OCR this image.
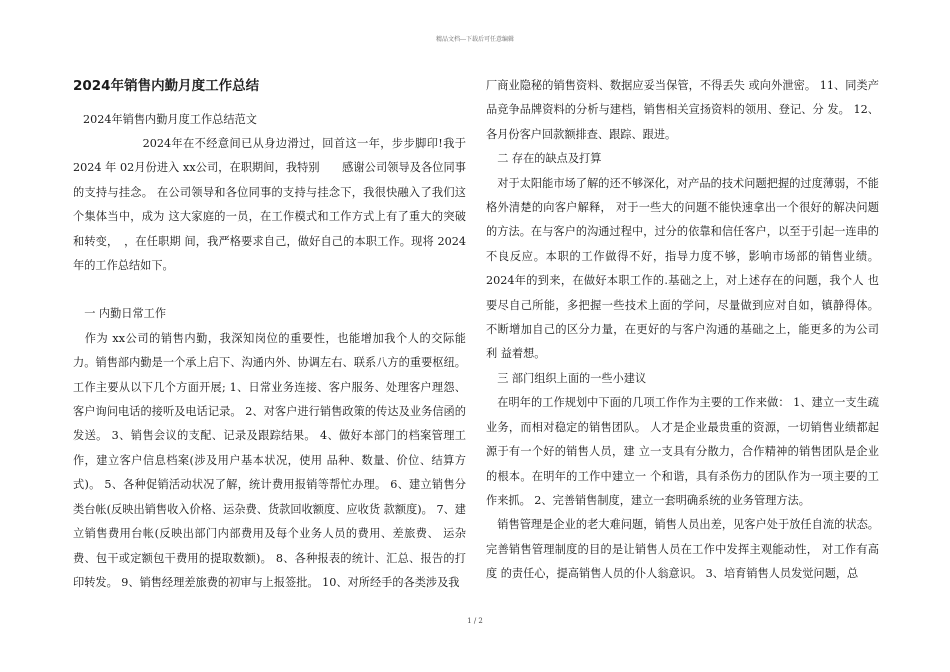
精品文档---下载后可任意编辑
2024年销售内勤月度工作总结

2024年销售内勤月度工作总结范文

　　　　　　2024年在不经意间已从身边滑过，回首这一年，步步脚印!我于 2024 年 02月份进入 xx公司，在职期间，我特别　　感谢公司领导及各位同事的支持与挂念。 在公司领导和各位同事的支持与挂念下，我很快融入了我们这个集体当中，成为 这大家庭的一员，在工作模式和工作方式上有了重大的突破和转变，　，在任职期 间，我严格要求自己，做好自己的本职工作。现将 2024年的工作总结如下。

　一 内勤日常工作

　作为 xx公司的销售内勤，我深知岗位的重要性，也能增加我个人的交际能力。销售部内勤是一个承上启下、沟通内外、协调左右、联系八方的重要枢纽。工作主要从以下几个方面开展; 1、日常业务连接、客户服务、处理客户理怨、客户询问电话的接听及电话记录。 2、对客户进行销售政策的传达及业务信函的发送。 3、销售会议的支配、记录及跟踪结果。 4、做好本部门的档案管理工作，建立客户信息档案(涉及用户基本状况，使用 品种、数量、价位、结算方式)。 5、各种促销活动状况了解，统计费用报销等帮忙办理。 6、建立销售分类台帐(反映出销售收入价格、运杂费、货款回收额度、应收货 款额度)。 7、建立销售费用台帐(反映出部门内部费用及每个业务人员的费用、差旅费、 运杂费、包干或定额包干费用的提取数额)。 8、各种报表的统计、汇总、报告的打印转发。 9、销售经理差旅费的初审与上报签批。 10、对所经手的各类涉及我

厂商业隐秘的销售资料、数据应妥当保管，不得丢失 或向外泄密。 11、同类产品竞争品牌资料的分析与建档，销售相关宣扬资料的领用、登记、分 发。 12、各月份客户回款额排查、跟踪、跟进。

　二 存在的缺点及打算

　对于太阳能市场了解的还不够深化，对产品的技术问题把握的过度薄弱，不能格外清楚的向客户解释， 对于一些大的问题不能快速拿出一个很好的解决问题 的方法。在与客户的沟通过程中，过分的依靠和信任客户，以至于引起一连串的 不良反应。本职的工作做得不好，指导力度不够，影响市场部的销售业绩。 2024年的到来，在做好本职工作的.基础之上，对上述存在的问题，我个人 也要尽自己所能，多把握一些技术上面的学问，尽量做到应对自如，镇静得体。 不断增加自己的区分力量，在更好的与客户沟通的基础之上，能更多的为公司 利 益着想。

　三 部门组织上面的一些小建议

　在明年的工作规划中下面的几项工作作为主要的工作来做： 1、建立一支生疏业务，而相对稳定的销售团队。 人才是企业最贵重的资源，一切销售业绩都起源于有一个好的销售人员，建 立一支具有分散力，合作精神的销售团队是企业的根本。在明年的工作中建立一 个和谐，具有杀伤力的团队作为一项主要的工作来抓。 2、完善销售制度，建立一套明确系统的业务管理方法。

　销售管理是企业的老大难问题，销售人员出差，见客户处于放任自流的状态。 完善销售管理制度的目的是让销售人员在工作中发挥主观能动性， 对工作有高度 的责任心，提高销售人员的仆人翁意识。 3、培育销售人员发觉问题，总

1 / 2
